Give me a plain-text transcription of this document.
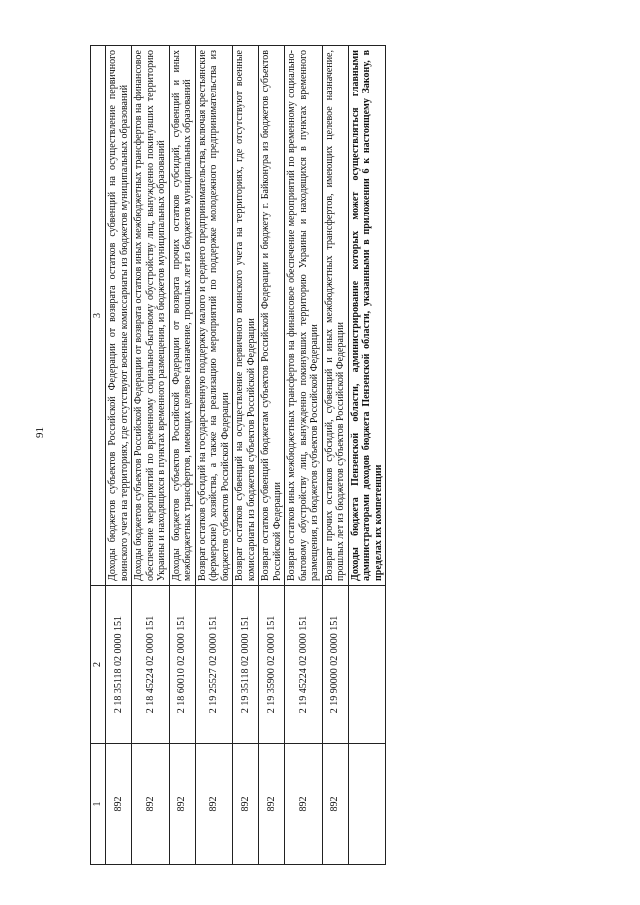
91
1	2	3
892	2 18 35118 02 0000 151	Доходы бюджетов субъектов Российской Федерации от возврата остатков субвенций на осуществление первичного воинского учета на территориях, где отсутствуют военные комиссариаты из бюджетов муниципальных образований
892	2 18 45224 02 0000 151	Доходы бюджетов субъектов Российской Федерации от возврата остатков иных межбюджетных трансфертов на финансовое обеспечение мероприятий по временному социально-бытовому обустройству лиц, вынужденно покинувших территорию Украины и находящихся в пунктах временного размещения, из бюджетов муниципальных образований
892	2 18 60010 02 0000 151	Доходы бюджетов субъектов Российской Федерации от возврата прочих остатков субсидий, субвенций и иных межбюджетных трансфертов, имеющих целевое назначение, прошлых лет из бюджетов муниципальных образований
892	2 19 25527 02 0000 151	Возврат остатков субсидий на государственную поддержку малого и среднего предпринимательства, включая крестьянские (фермерские) хозяйства, а также на реализацию мероприятий по поддержке молодежного предпринимательства из бюджетов субъектов Российской Федерации
892	2 19 35118 02 0000 151	Возврат остатков субвенций на осуществление первичного воинского учета на территориях, где отсутствуют военные комиссариаты из бюджетов субъектов Российской Федерации
892	2 19 35900 02 0000 151	Возврат остатков субвенций бюджетам субъектов Российской Федерации и бюджету г. Байконура из бюджетов субъектов Российской Федерации
892	2 19 45224 02 0000 151	Возврат остатков иных межбюджетных трансфертов на финансовое обеспечение мероприятий по временному социально-бытовому обустройству лиц, вынужденно покинувших территорию Украины и находящихся в пунктах временного размещения, из бюджетов субъектов Российской Федерации
892	2 19 90000 02 0000 151	Возврат прочих остатков субсидий, субвенций и иных межбюджетных трансфертов, имеющих целевое назначение, прошлых лет из бюджетов субъектов Российской Федерации
		Доходы бюджета Пензенской области, администрирование которых может осуществляться главными администраторами доходов бюджета Пензенской области, указанными в приложении 6 к настоящему Закону, в пределах их компетенции
